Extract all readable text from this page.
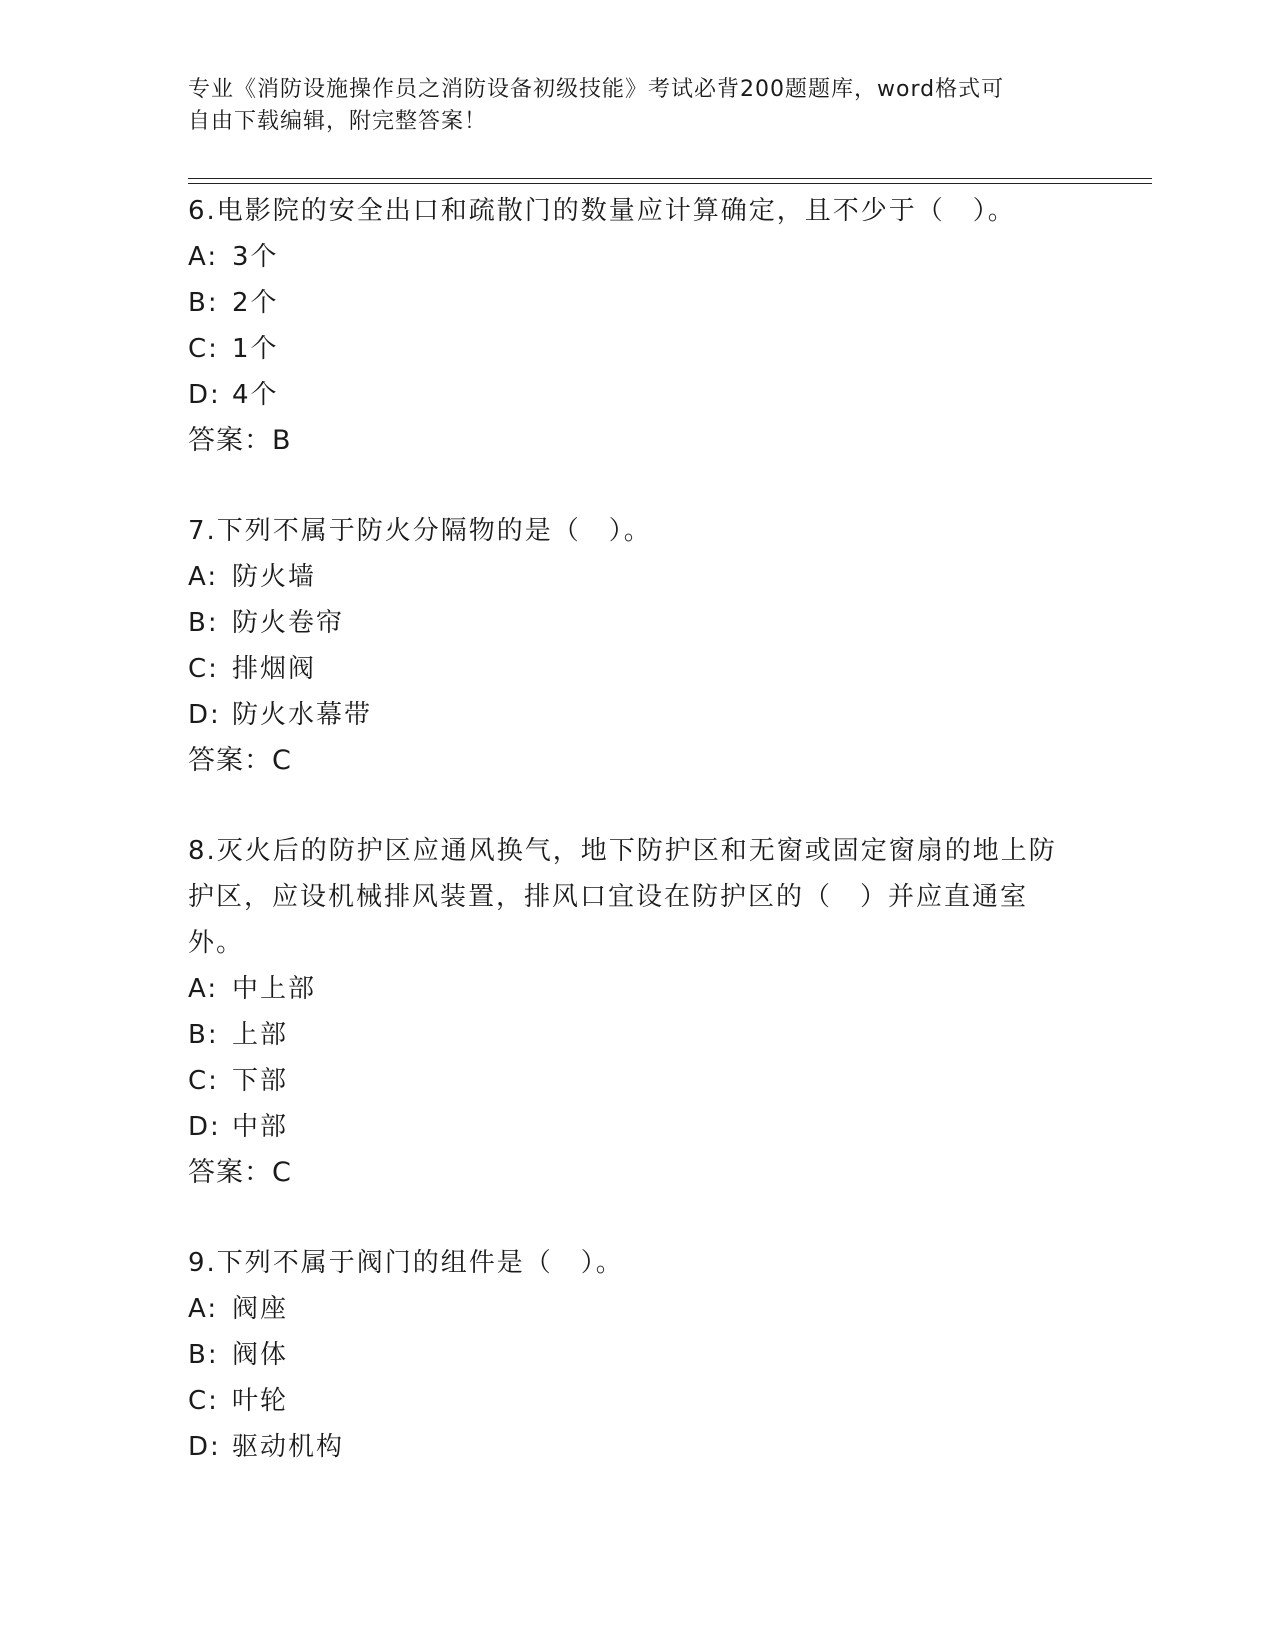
专业《消防设施操作员之消防设备初级技能》考试必背200题题库，word格式可
自由下载编辑，附完整答案！

6.电影院的安全出口和疏散门的数量应计算确定，且不少于（　）。

A: 3个
B: 2个
C: 1个
D: 4个
答案：B

7.下列不属于防火分隔物的是（　）。

A: 防火墙
B: 防火卷帘
C: 排烟阀
D: 防火水幕带
答案：C

8.灭火后的防护区应通风换气，地下防护区和无窗或固定窗扇的地上防护区，应设机械排风装置，排风口宜设在防护区的（　）并应直通室外。

A: 中上部
B: 上部
C: 下部
D: 中部
答案：C

9.下列不属于阀门的组件是（　）。

A: 阀座
B: 阀体
C: 叶轮
D: 驱动机构
